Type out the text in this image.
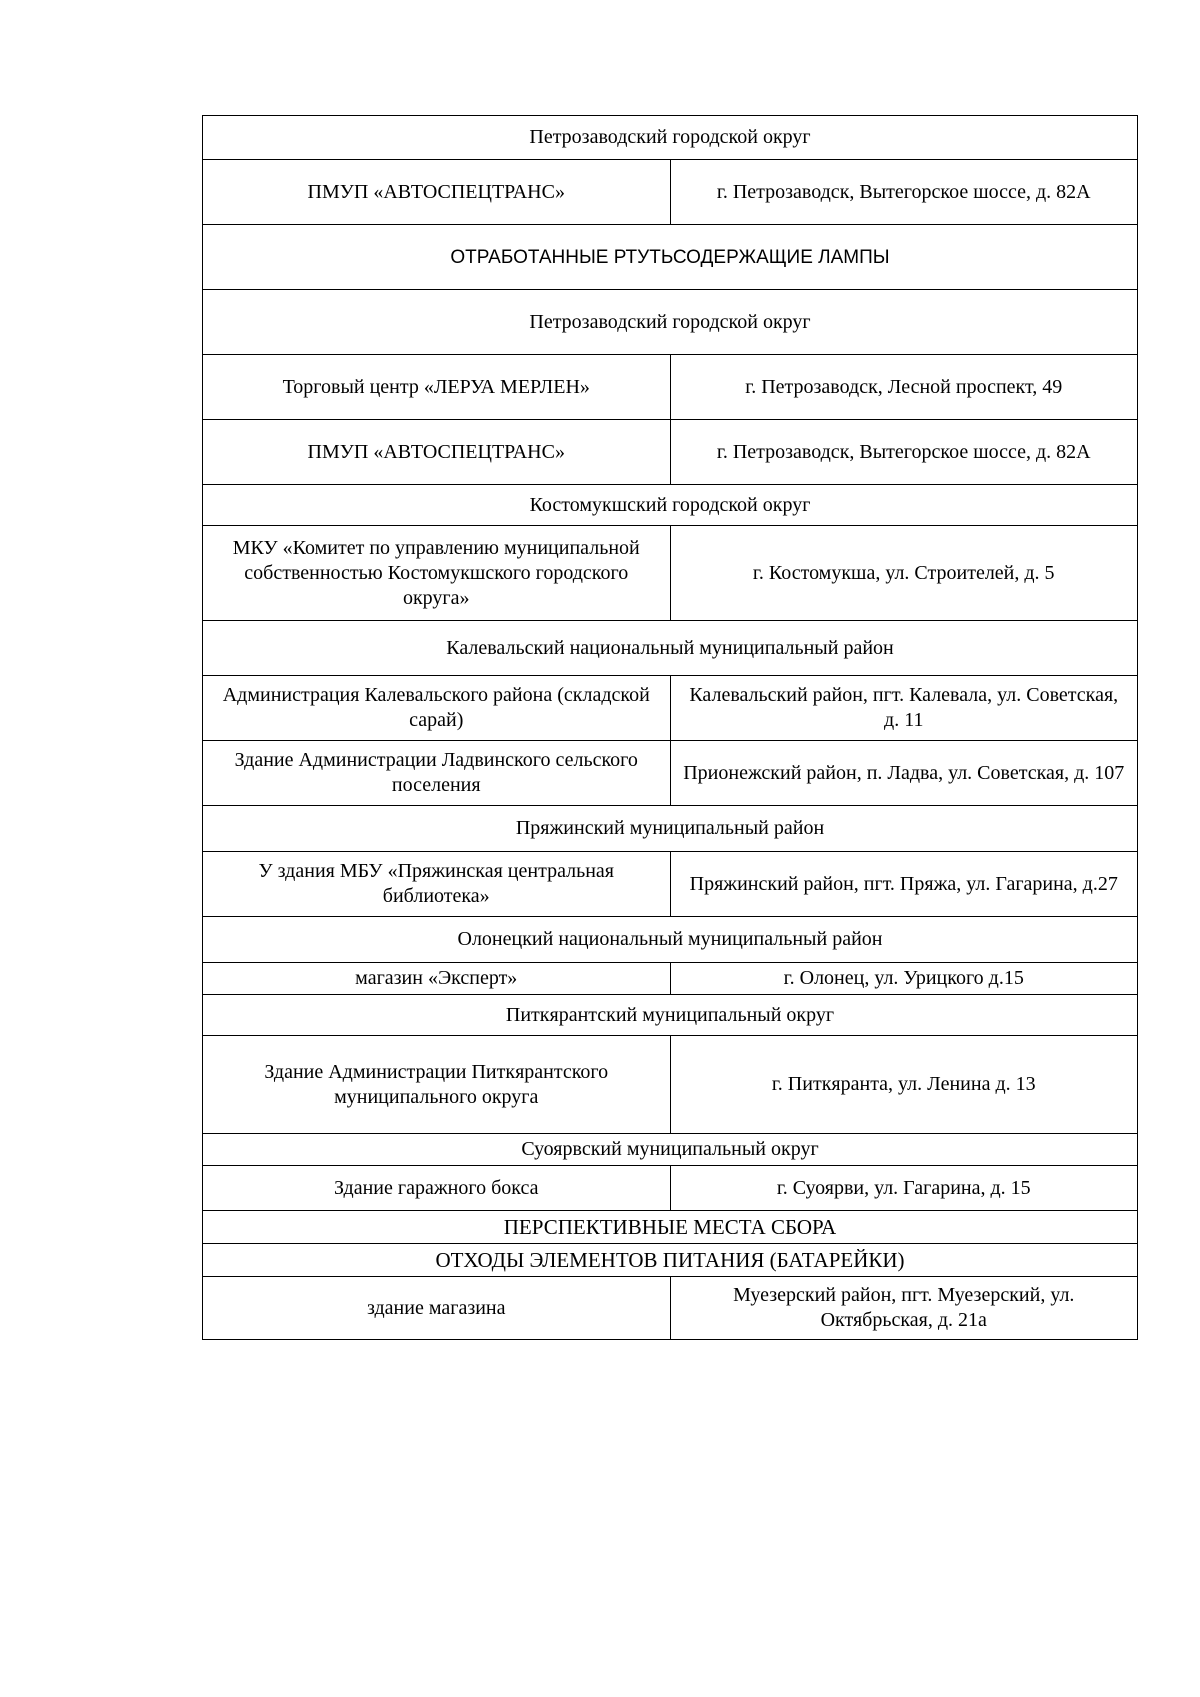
Петрозаводский городской округ	
ПМУП «АВТОСПЕЦТРАНС»	г. Петрозаводск, Вытегорское шоссе, д. 82А
ОТРАБОТАННЫЕ РТУТЬСОДЕРЖАЩИЕ ЛАМПЫ	
Петрозаводский городской округ	
Торговый центр «ЛЕРУА МЕРЛЕН»	г. Петрозаводск, Лесной проспект, 49
ПМУП «АВТОСПЕЦТРАНС»	г. Петрозаводск, Вытегорское шоссе, д. 82А
Костомукшский городской округ	
МКУ «Комитет по управлению муниципальной собственностью Костомукшского городского округа»	г. Костомукша, ул. Строителей, д. 5
Калевальский национальный муниципальный район	
Администрация Калевальского района (складской сарай)	Калевальский район, пгт. Калевала, ул. Советская, д. 11
Здание Администрации Ладвинского сельского поселения	Прионежский район, п. Ладва, ул. Советская, д. 107
Пряжинский муниципальный район	
У здания МБУ «Пряжинская центральная библиотека»	Пряжинский район, пгт. Пряжа, ул. Гагарина, д.27
Олонецкий национальный муниципальный район	
магазин «Эксперт»	г. Олонец, ул. Урицкого д.15
Питкярантский муниципальный округ	
Здание Администрации Питкярантского муниципального округа	г. Питкяранта, ул. Ленина д. 13
Суоярвский муниципальный округ	
Здание гаражного бокса	г. Суоярви, ул. Гагарина, д. 15
ПЕРСПЕКТИВНЫЕ МЕСТА СБОРА	
ОТХОДЫ ЭЛЕМЕНТОВ ПИТАНИЯ (БАТАРЕЙКИ)	
здание магазина	Муезерский район, пгт. Муезерский, ул. Октябрьская, д. 21а
